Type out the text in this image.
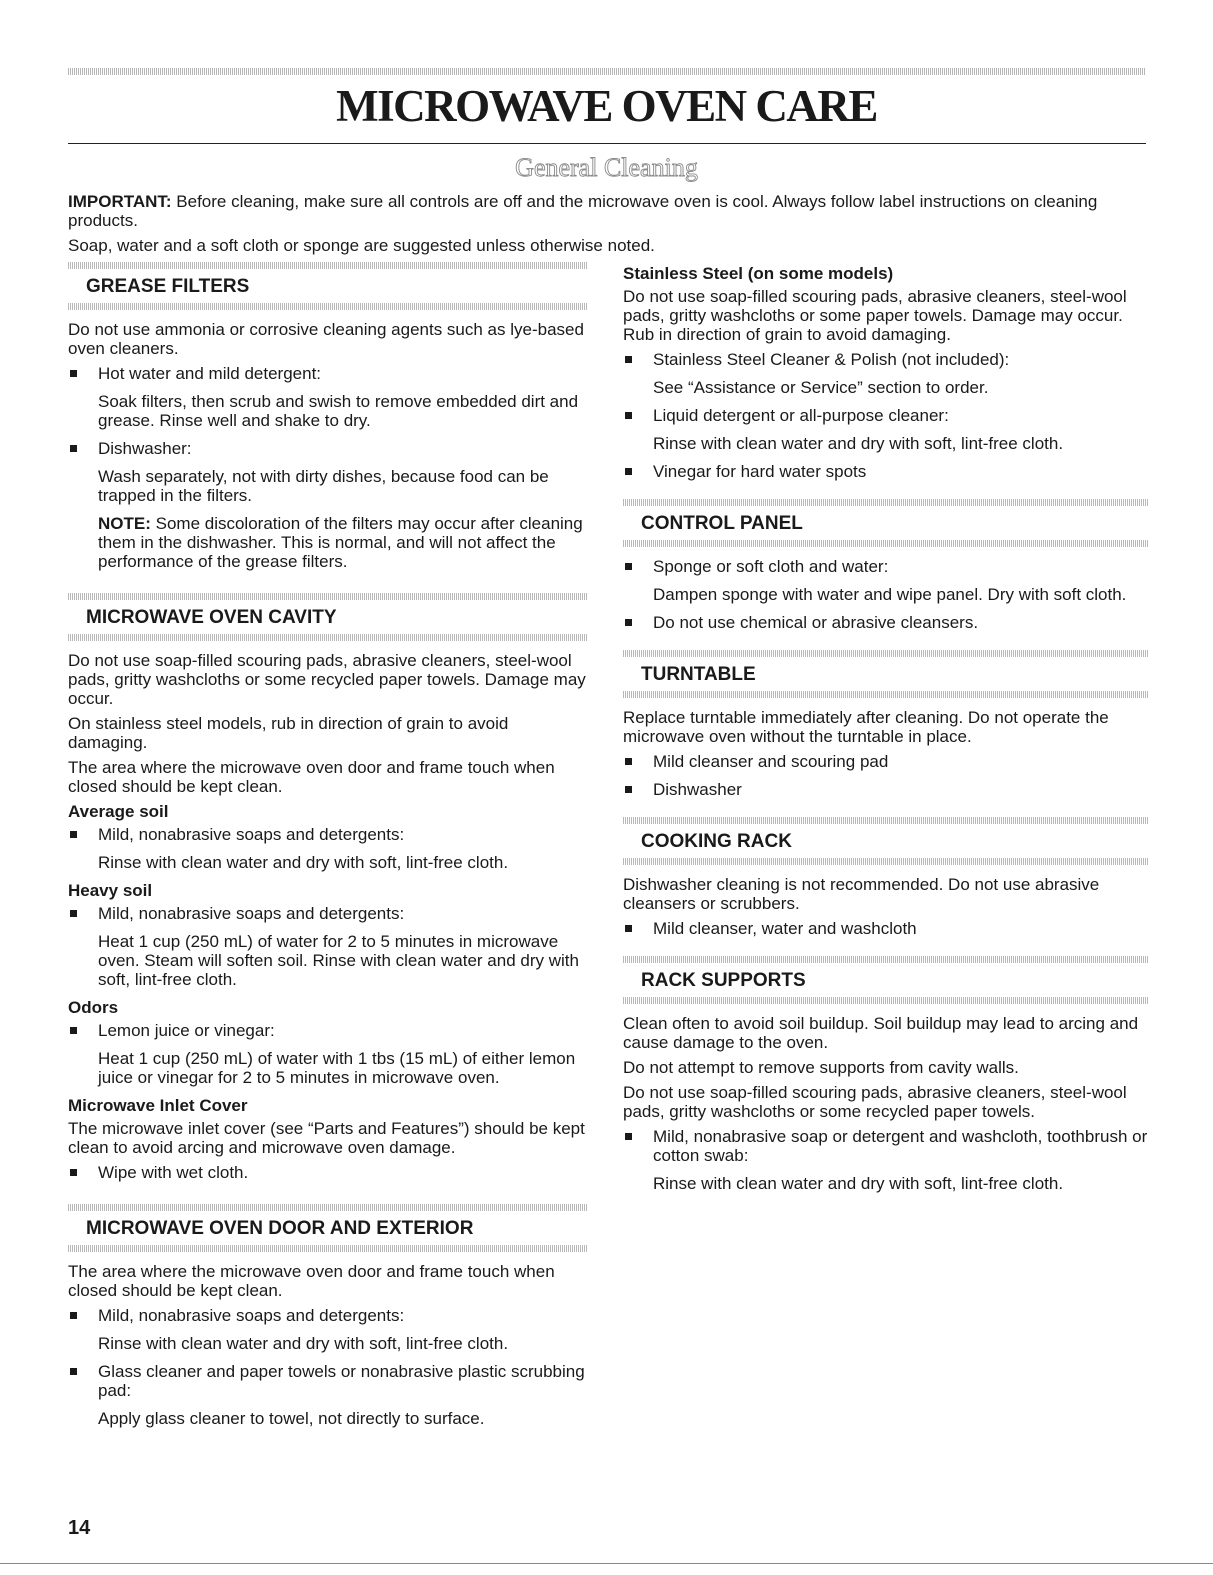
MICROWAVE OVEN CARE
General Cleaning

IMPORTANT: Before cleaning, make sure all controls are off and the microwave oven is cool. Always follow label instructions on cleaning products.

Soap, water and a soft cloth or sponge are suggested unless otherwise noted.

GREASE FILTERS

Do not use ammonia or corrosive cleaning agents such as lye-based oven cleaners.

Hot water and mild detergent:
Soak filters, then scrub and swish to remove embedded dirt and grease. Rinse well and shake to dry.
Dishwasher:
Wash separately, not with dirty dishes, because food can be trapped in the filters.
NOTE: Some discoloration of the filters may occur after cleaning them in the dishwasher. This is normal, and will not affect the performance of the grease filters.
MICROWAVE OVEN CAVITY

Do not use soap-filled scouring pads, abrasive cleaners, steel-wool pads, gritty washcloths or some recycled paper towels. Damage may occur.

On stainless steel models, rub in direction of grain to avoid damaging.

The area where the microwave oven door and frame touch when closed should be kept clean.

Average soil
Mild, nonabrasive soaps and detergents:
Rinse with clean water and dry with soft, lint-free cloth.
Heavy soil
Mild, nonabrasive soaps and detergents:
Heat 1 cup (250 mL) of water for 2 to 5 minutes in microwave oven. Steam will soften soil. Rinse with clean water and dry with soft, lint-free cloth.
Odors
Lemon juice or vinegar:
Heat 1 cup (250 mL) of water with 1 tbs (15 mL) of either lemon juice or vinegar for 2 to 5 minutes in microwave oven.
Microwave Inlet Cover

The microwave inlet cover (see “Parts and Features”) should be kept clean to avoid arcing and microwave oven damage.

Wipe with wet cloth.
MICROWAVE OVEN DOOR AND EXTERIOR

The area where the microwave oven door and frame touch when closed should be kept clean.

Mild, nonabrasive soaps and detergents:
Rinse with clean water and dry with soft, lint-free cloth.
Glass cleaner and paper towels or nonabrasive plastic scrubbing pad:
Apply glass cleaner to towel, not directly to surface.
Stainless Steel (on some models)

Do not use soap-filled scouring pads, abrasive cleaners, steel-wool pads, gritty washcloths or some paper towels. Damage may occur. Rub in direction of grain to avoid damaging.

Stainless Steel Cleaner & Polish (not included):
See “Assistance or Service” section to order.
Liquid detergent or all-purpose cleaner:
Rinse with clean water and dry with soft, lint-free cloth.
Vinegar for hard water spots
CONTROL PANEL
Sponge or soft cloth and water:
Dampen sponge with water and wipe panel. Dry with soft cloth.
Do not use chemical or abrasive cleansers.
TURNTABLE

Replace turntable immediately after cleaning. Do not operate the microwave oven without the turntable in place.

Mild cleanser and scouring pad
Dishwasher
COOKING RACK

Dishwasher cleaning is not recommended. Do not use abrasive cleansers or scrubbers.

Mild cleanser, water and washcloth
RACK SUPPORTS

Clean often to avoid soil buildup. Soil buildup may lead to arcing and cause damage to the oven.

Do not attempt to remove supports from cavity walls.

Do not use soap-filled scouring pads, abrasive cleaners, steel-wool pads, gritty washcloths or some recycled paper towels.

Mild, nonabrasive soap or detergent and washcloth, toothbrush or cotton swab:
Rinse with clean water and dry with soft, lint-free cloth.
14
